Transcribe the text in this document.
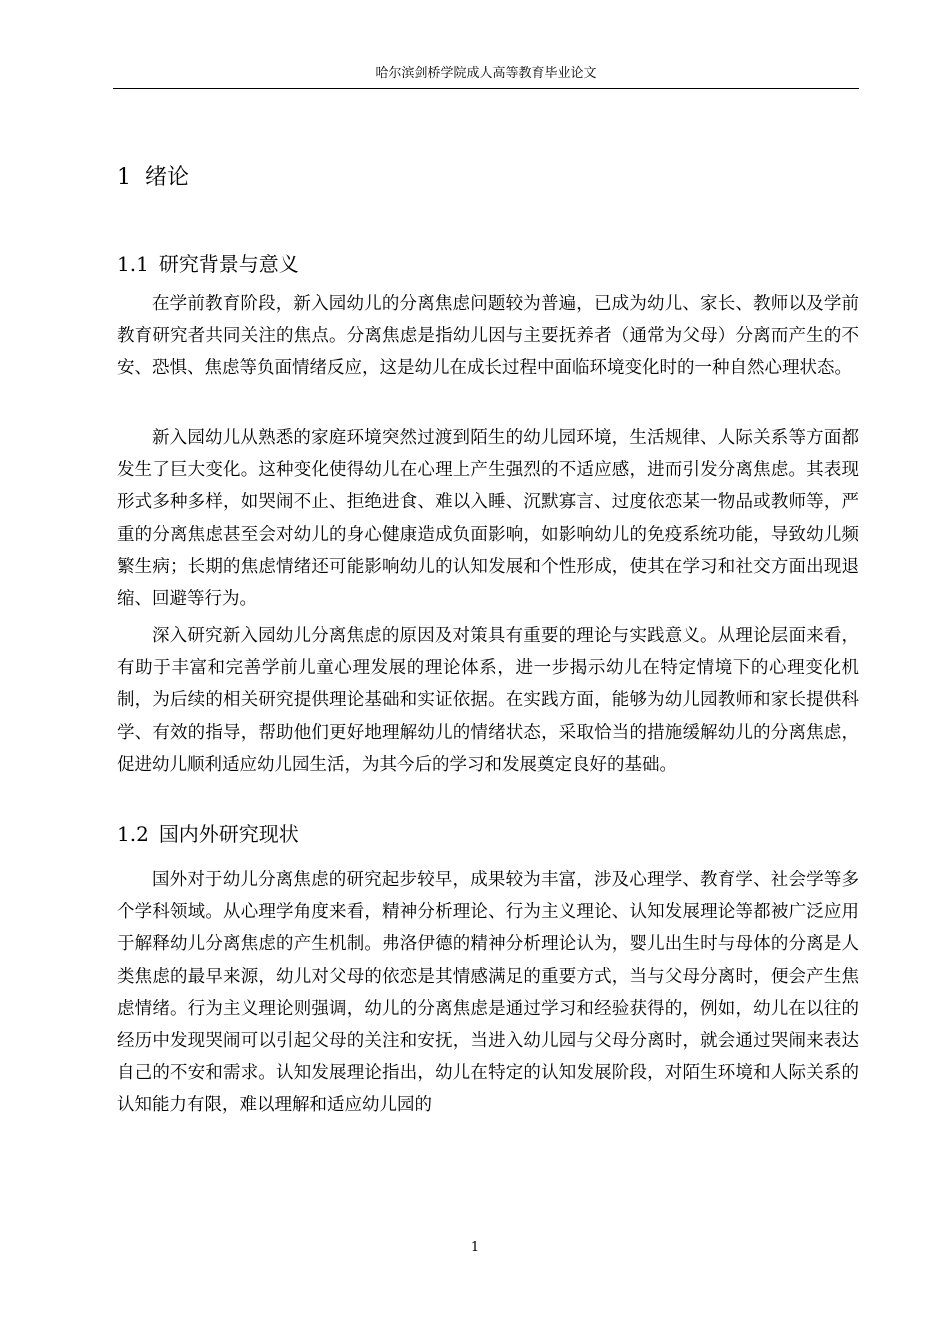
哈尔滨剑桥学院成人高等教育毕业论文
1 绪论
1.1 研究背景与意义

在学前教育阶段，新入园幼儿的分离焦虑问题较为普遍，已成为幼儿、家长、教师以及学前教育研究者共同关注的焦点。分离焦虑是指幼儿因与主要抚养者（通常为父母）分离而产生的不安、恐惧、焦虑等负面情绪反应，这是幼儿在成长过程中面临环境变化时的一种自然心理状态。

新入园幼儿从熟悉的家庭环境突然过渡到陌生的幼儿园环境，生活规律、人际关系等方面都发生了巨大变化。这种变化使得幼儿在心理上产生强烈的不适应感，进而引发分离焦虑。其表现形式多种多样，如哭闹不止、拒绝进食、难以入睡、沉默寡言、过度依恋某一物品或教师等，严重的分离焦虑甚至会对幼儿的身心健康造成负面影响，如影响幼儿的免疫系统功能，导致幼儿频繁生病；长期的焦虑情绪还可能影响幼儿的认知发展和个性形成，使其在学习和社交方面出现退缩、回避等行为。

深入研究新入园幼儿分离焦虑的原因及对策具有重要的理论与实践意义。从理论层面来看，有助于丰富和完善学前儿童心理发展的理论体系，进一步揭示幼儿在特定情境下的心理变化机制，为后续的相关研究提供理论基础和实证依据。在实践方面，能够为幼儿园教师和家长提供科学、有效的指导，帮助他们更好地理解幼儿的情绪状态，采取恰当的措施缓解幼儿的分离焦虑，促进幼儿顺利适应幼儿园生活，为其今后的学习和发展奠定良好的基础。

1.2 国内外研究现状

国外对于幼儿分离焦虑的研究起步较早，成果较为丰富，涉及心理学、教育学、社会学等多个学科领域。从心理学角度来看，精神分析理论、行为主义理论、认知发展理论等都被广泛应用于解释幼儿分离焦虑的产生机制。弗洛伊德的精神分析理论认为，婴儿出生时与母体的分离是人类焦虑的最早来源，幼儿对父母的依恋是其情感满足的重要方式，当与父母分离时，便会产生焦虑情绪。行为主义理论则强调，幼儿的分离焦虑是通过学习和经验获得的，例如，幼儿在以往的经历中发现哭闹可以引起父母的关注和安抚，当进入幼儿园与父母分离时，就会通过哭闹来表达自己的不安和需求。认知发展理论指出，幼儿在特定的认知发展阶段，对陌生环境和人际关系的认知能力有限，难以理解和适应幼儿园的

1
